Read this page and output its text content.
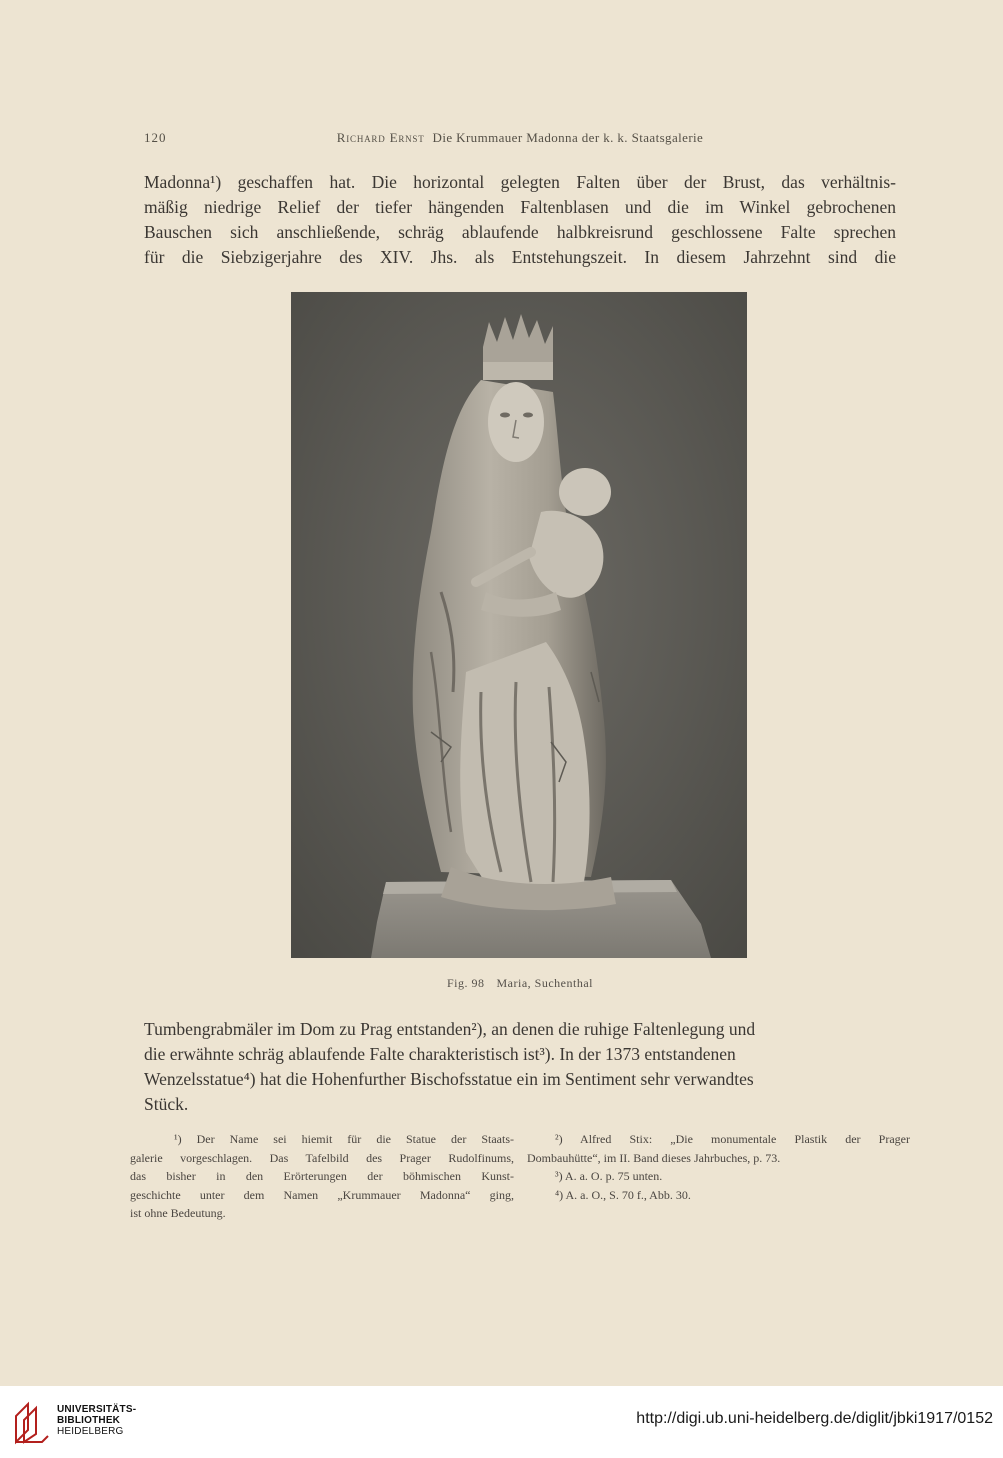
120	Richard Ernst Die Krummauer Madonna der k. k. Staatsgalerie
Madonna¹) geschaffen hat. Die horizontal gelegten Falten über der Brust, das verhältnis-
mäßig niedrige Relief der tiefer hängenden Faltenblasen und die im Winkel gebrochenen
Bauschen sich anschließende, schräg ablaufende halbkreisrund geschlossene Falte sprechen
für die Siebzigerjahre des XIV. Jhs. als Entstehungszeit. In diesem Jahrzehnt sind die
Fig. 98 Maria, Suchenthal
Tumbengrabmäler im Dom zu Prag entstanden²), an denen die ruhige Faltenlegung und
die erwähnte schräg ablaufende Falte charakteristisch ist³). In der 1373 entstandenen
Wenzelsstatue⁴) hat die Hohenfurther Bischofsstatue ein im Sentiment sehr verwandtes
Stück.
¹) Der Name sei hiemit für die Statue der Staats-
galerie vorgeschlagen. Das Tafelbild des Prager Rudolfinums,
das bisher in den Erörterungen der böhmischen Kunst-
geschichte unter dem Namen „Krummauer Madonna“ ging,
ist ohne Bedeutung.
²) Alfred Stix: „Die monumentale Plastik der Prager
Dombauhütte“, im II. Band dieses Jahrbuches, p. 73.
³) A. a. O. p. 75 unten.
⁴) A. a. O., S. 70 f., Abb. 30.
UNIVERSITÄTS-
BIBLIOTHEK
HEIDELBERG
http://digi.ub.uni-heidelberg.de/diglit/jbki1917/0152
